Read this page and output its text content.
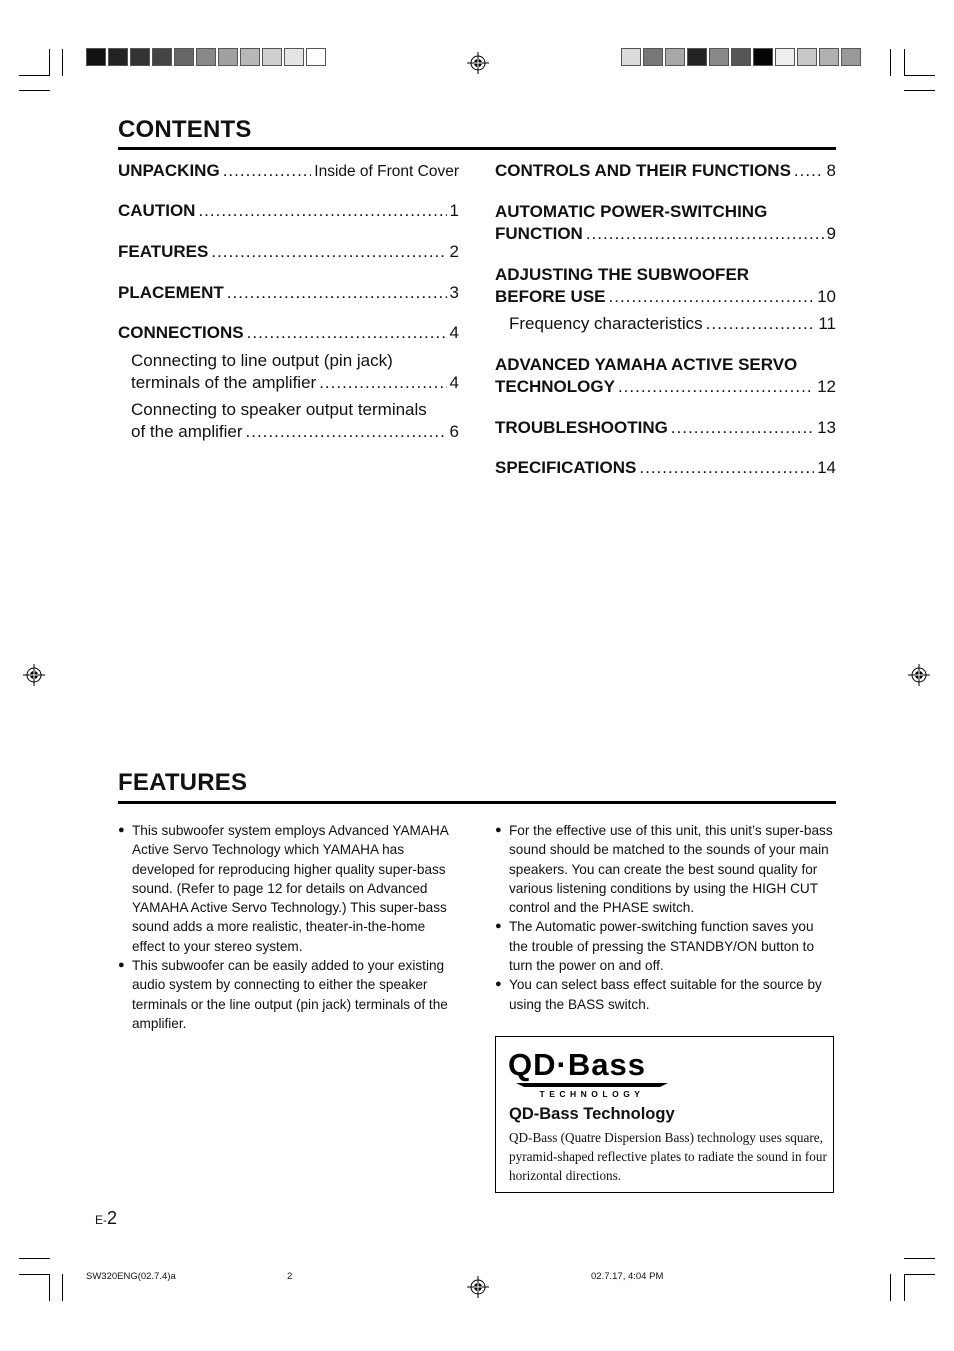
CONTENTS
UNPACKING .....	Inside of Front Cover
CAUTION .....	1
FEATURES .....	2
PLACEMENT .....	3
CONNECTIONS .....	4
Connecting to line output (pin jack)
terminals of the amplifier .....	4
Connecting to speaker output terminals
of the amplifier .....	6
CONTROLS AND THEIR FUNCTIONS ..... 8
AUTOMATIC POWER-SWITCHING
FUNCTION .....	9
ADJUSTING THE SUBWOOFER
BEFORE USE .....	10
Frequency characteristics .....	11
ADVANCED YAMAHA ACTIVE SERVO
TECHNOLOGY .....	12
TROUBLESHOOTING .....	13
SPECIFICATIONS .....	14
FEATURES

● This subwoofer system employs Advanced YAMAHA Active Servo Technology which YAMAHA has developed for reproducing higher quality super-bass sound. (Refer to page 12 for details on Advanced YAMAHA Active Servo Technology.) This super-bass sound adds a more realistic, theater-in-the-home effect to your stereo system.

● This subwoofer can be easily added to your existing audio system by connecting to either the speaker terminals or the line output (pin jack) terminals of the amplifier.

● For the effective use of this unit, this unit’s super-bass sound should be matched to the sounds of your main speakers. You can create the best sound quality for various listening conditions by using the HIGH CUT control and the PHASE switch.

● The Automatic power-switching function saves you the trouble of pressing the STANDBY/ON button to turn the power on and off.

● You can select bass effect suitable for the source by using the BASS switch.

QD·Bass
TECHNOLOGY
QD-Bass Technology
QD-Bass (Quatre Dispersion Bass) technology uses square, pyramid-shaped reflective plates to radiate the sound in four horizontal directions.
E-2
SW320ENG(02.7.4)a	2	02.7.17, 4:04 PM
